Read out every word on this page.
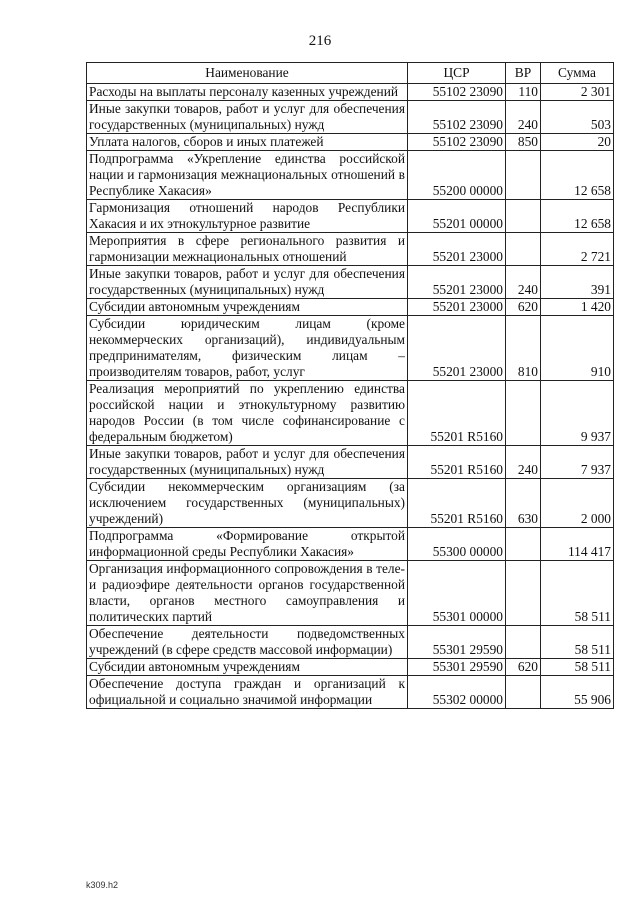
216
Наименование	ЦСР	ВР	Сумма
Расходы на выплаты персоналу казенных учреждений	55102 23090	110	2 301
Иные закупки товаров, работ и услуг для обеспечения государственных (муниципальных) нужд	55102 23090	240	503
Уплата налогов, сборов и иных платежей	55102 23090	850	20
Подпрограмма «Укрепление единства российской нации и гармонизация межнациональных отношений в Республике Хакасия»	55200 00000		12 658
Гармонизация отношений народов Республики Хакасия и их этнокультурное развитие	55201 00000		12 658
Мероприятия в сфере регионального развития и гармонизации межнациональных отношений	55201 23000		2 721
Иные закупки товаров, работ и услуг для обеспечения государственных (муниципальных) нужд	55201 23000	240	391
Субсидии автономным учреждениям	55201 23000	620	1 420
Субсидии юридическим лицам (кроме некоммерческих организаций), индивидуальным предпринимателям, физическим лицам – производителям товаров, работ, услуг	55201 23000	810	910
Реализация мероприятий по укреплению единства российской нации и этнокультурному развитию народов России (в том числе софинансирование с федеральным бюджетом)	55201 R5160		9 937
Иные закупки товаров, работ и услуг для обеспечения государственных (муниципальных) нужд	55201 R5160	240	7 937
Субсидии некоммерческим организациям (за исключением государственных (муниципальных) учреждений)	55201 R5160	630	2 000
Подпрограмма «Формирование открытой информационной среды Республики Хакасия»	55300 00000		114 417
Организация информационного сопровождения в теле- и радиоэфире деятельности органов государственной власти, органов местного самоуправления и политических партий	55301 00000		58 511
Обеспечение деятельности подведомственных учреждений (в сфере средств массовой информации)	55301 29590		58 511
Субсидии автономным учреждениям	55301 29590	620	58 511
Обеспечение доступа граждан и организаций к официальной и социально значимой информации	55302 00000		55 906
k309.h2
